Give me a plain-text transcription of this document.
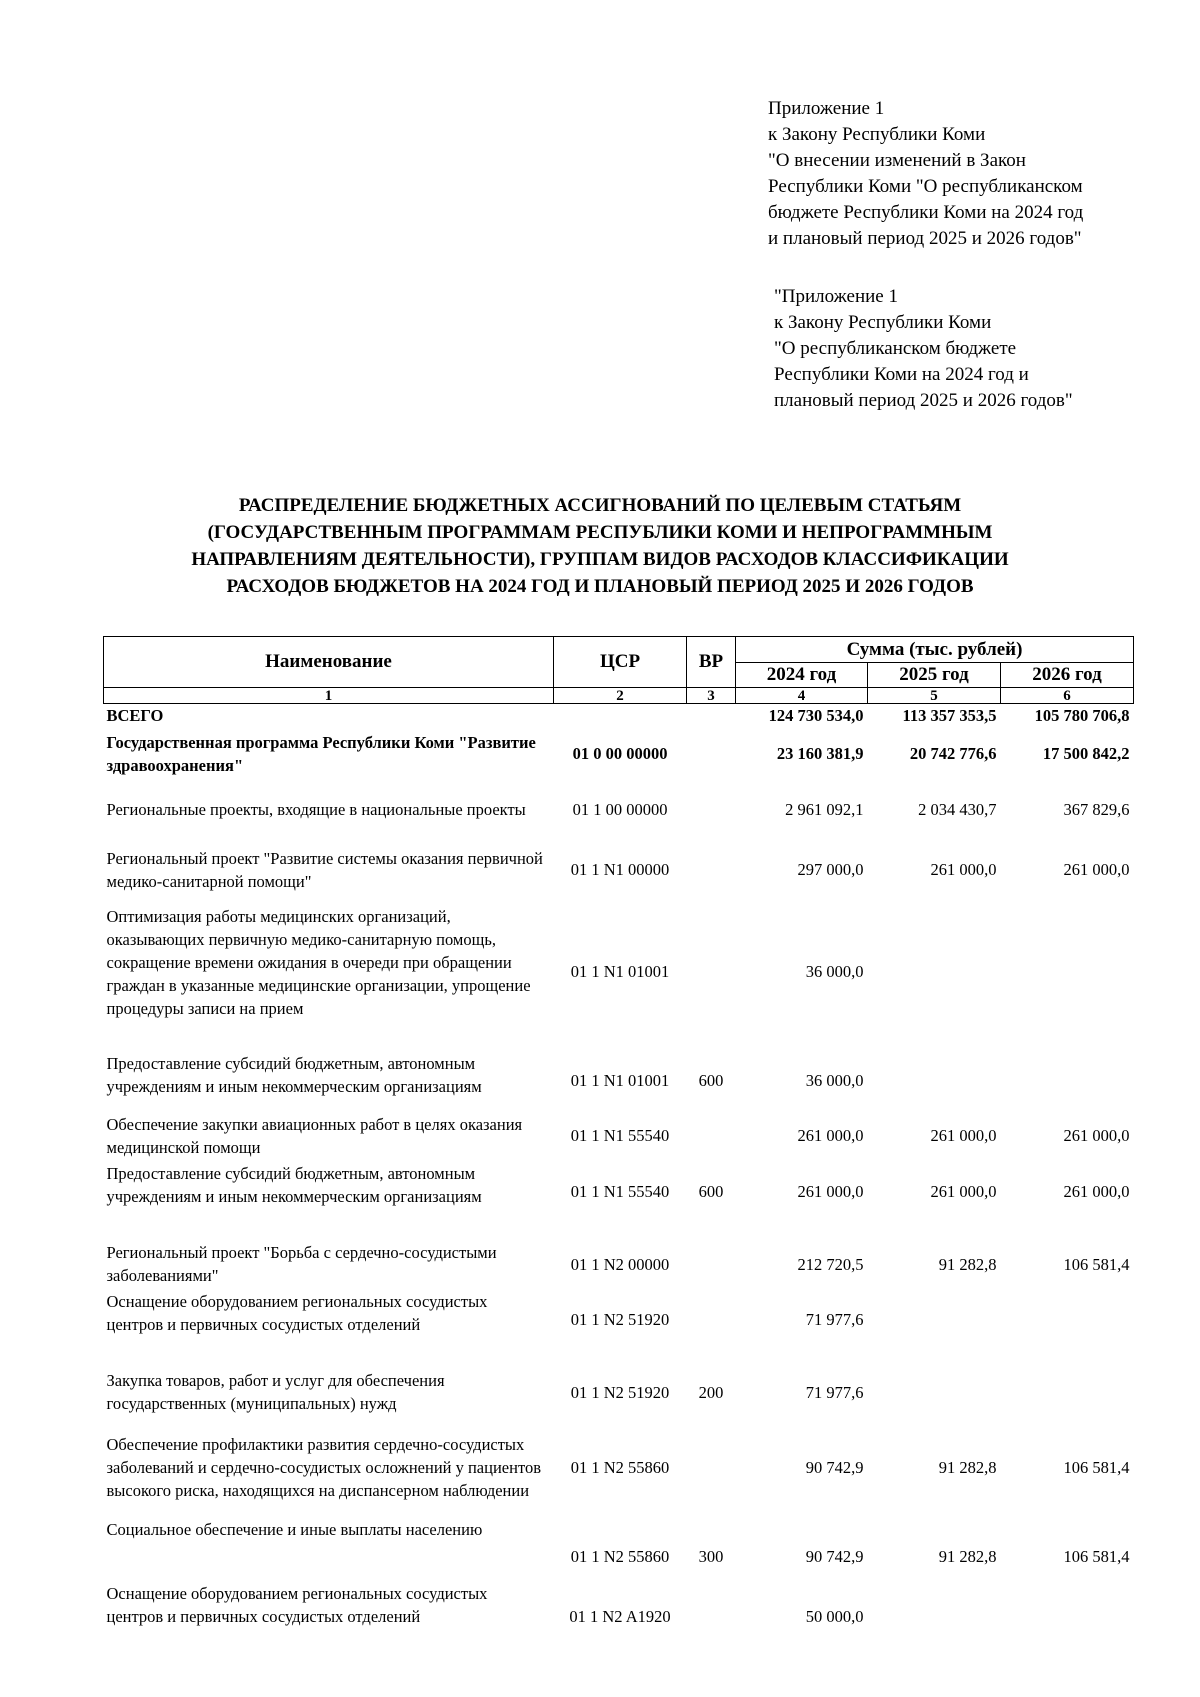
Приложение 1
к Закону Республики Коми
"О внесении изменений в Закон
Республики Коми "О республиканском
бюджете Республики Коми на 2024 год
и плановый период 2025 и 2026 годов"
"Приложение 1
к Закону Республики Коми
"О республиканском бюджете
Республики Коми на 2024 год и
плановый период 2025 и 2026 годов"
РАСПРЕДЕЛЕНИЕ БЮДЖЕТНЫХ АССИГНОВАНИЙ ПО ЦЕЛЕВЫМ СТАТЬЯМ
(ГОСУДАРСТВЕННЫМ ПРОГРАММАМ РЕСПУБЛИКИ КОМИ И НЕПРОГРАММНЫМ
НАПРАВЛЕНИЯМ ДЕЯТЕЛЬНОСТИ), ГРУППАМ ВИДОВ РАСХОДОВ КЛАССИФИКАЦИИ
РАСХОДОВ БЮДЖЕТОВ НА 2024 ГОД И ПЛАНОВЫЙ ПЕРИОД 2025 И 2026 ГОДОВ
Наименование	ЦСР	ВР	Сумма (тыс. рублей)		
			2024 год	2025 год	2026 год
1	2	3	4	5	6
ВСЕГО			124 730 534,0	113 357 353,5	105 780 706,8
Государственная программа Республики Коми "Развитие здравоохранения"	01 0 00 00000		23 160 381,9	20 742 776,6	17 500 842,2
Региональные проекты, входящие в национальные проекты	01 1 00 00000		2 961 092,1	2 034 430,7	367 829,6
Региональный проект "Развитие системы оказания первичной медико-санитарной помощи"	01 1 N1 00000		297 000,0	261 000,0	261 000,0
Оптимизация работы медицинских организаций, оказывающих первичную медико-санитарную помощь, сокращение времени ожидания в очереди при обращении граждан в указанные медицинские организации, упрощение процедуры записи на прием	01 1 N1 01001		36 000,0		
Предоставление субсидий бюджетным, автономным учреждениям и иным некоммерческим организациям	01 1 N1 01001	600	36 000,0		
Обеспечение закупки авиационных работ в целях оказания медицинской помощи	01 1 N1 55540		261 000,0	261 000,0	261 000,0
Предоставление субсидий бюджетным, автономным учреждениям и иным некоммерческим организациям	01 1 N1 55540	600	261 000,0	261 000,0	261 000,0
Региональный проект "Борьба с сердечно-сосудистыми заболеваниями"	01 1 N2 00000		212 720,5	91 282,8	106 581,4
Оснащение оборудованием региональных сосудистых центров и первичных сосудистых отделений	01 1 N2 51920		71 977,6		
Закупка товаров, работ и услуг для обеспечения государственных (муниципальных) нужд	01 1 N2 51920	200	71 977,6		
Обеспечение профилактики развития сердечно-сосудистых заболеваний и сердечно-сосудистых осложнений у пациентов высокого риска, находящихся на диспансерном наблюдении	01 1 N2 55860		90 742,9	91 282,8	106 581,4
Социальное обеспечение и иные выплаты населению	01 1 N2 55860	300	90 742,9	91 282,8	106 581,4
Оснащение оборудованием региональных сосудистых центров и первичных сосудистых отделений	01 1 N2 A1920		50 000,0		
